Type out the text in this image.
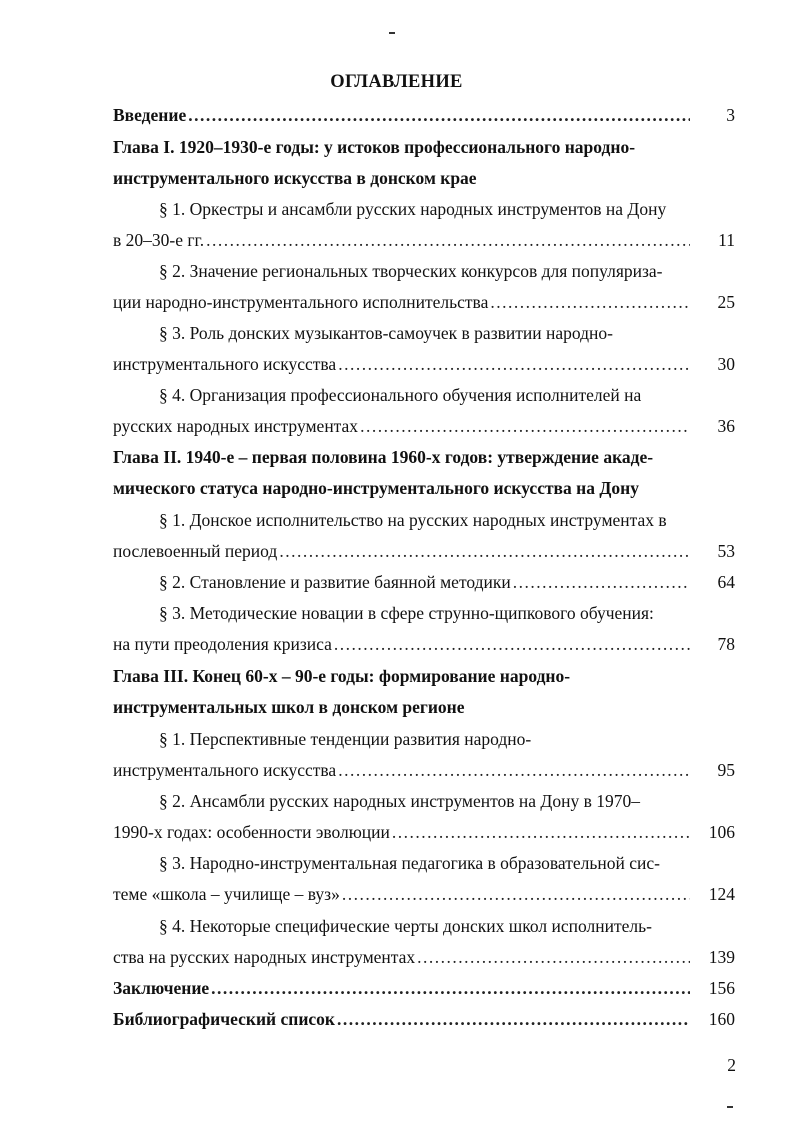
ОГЛАВЛЕНИЕ
Введение .....	3
Глава I. 1920–1930-е годы: у истоков профессионального народно-
инструментального искусства в донском крае
§ 1. Оркестры и ансамбли русских народных инструментов на Дону
в 20–30-е гг. .....	11
§ 2. Значение региональных творческих конкурсов для популяриза-
ции народно-инструментального исполнительства .....	25
§ 3. Роль донских музыкантов-самоучек в развитии народно-
инструментального искусства .....	30
§ 4. Организация профессионального обучения исполнителей на
русских народных инструментах .....	36
Глава II. 1940-е – первая половина 1960-х годов: утверждение акаде-
мического статуса народно-инструментального искусства на Дону
§ 1. Донское исполнительство на русских народных инструментах в
послевоенный период .....	53
§ 2. Становление и развитие баянной методики .....	64
§ 3. Методические новации в сфере струнно-щипкового обучения:
на пути преодоления кризиса .....	78
Глава III. Конец 60-х – 90-е годы: формирование народно-
инструментальных школ в донском регионе
§ 1. Перспективные тенденции развития народно-
инструментального искусства .....	95
§ 2. Ансамбли русских народных инструментов на Дону в 1970–
1990-х годах: особенности эволюции .....	106
§ 3. Народно-инструментальная педагогика в образовательной сис-
теме «школа – училище – вуз» .....	124
§ 4. Некоторые специфические черты донских школ исполнитель-
ства на русских народных инструментах .....	139
Заключение .....	156
Библиографический список .....	160
2
